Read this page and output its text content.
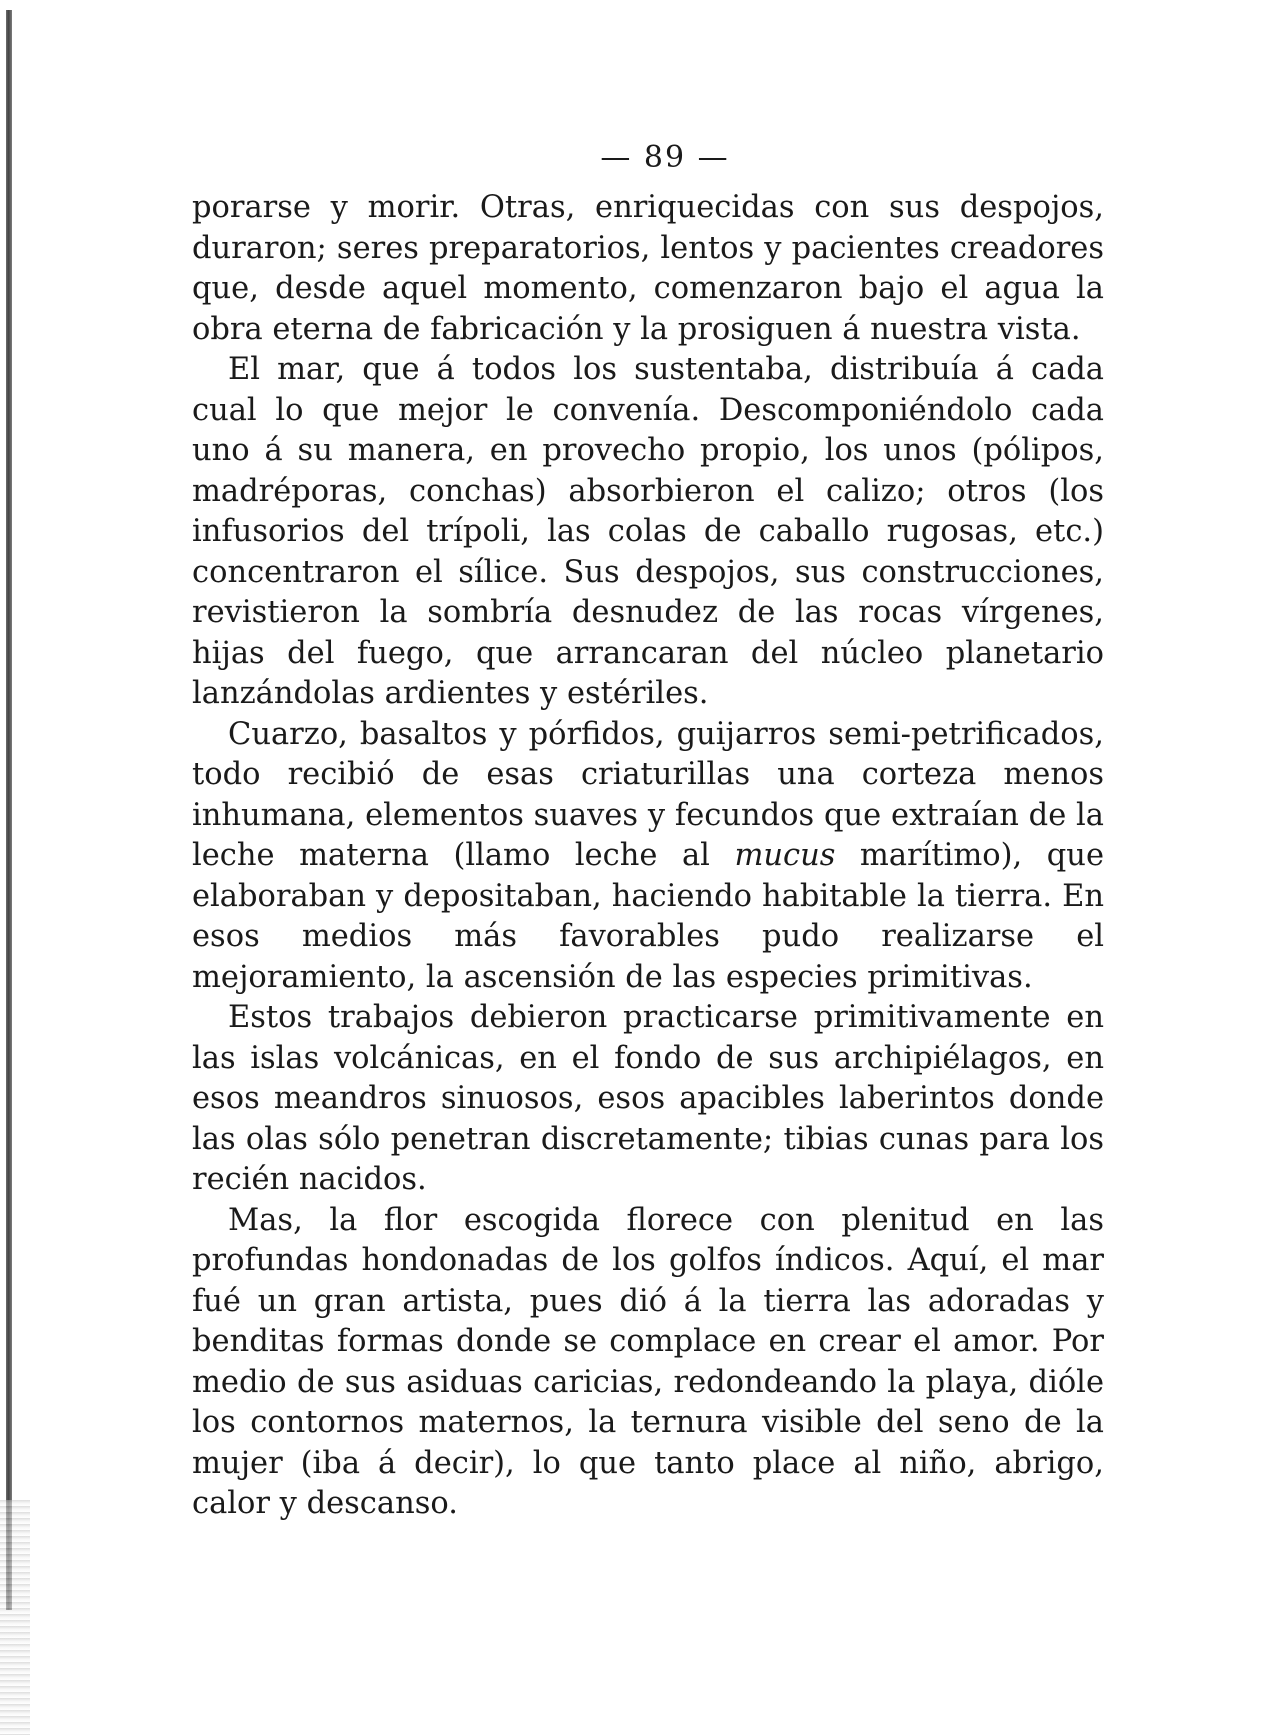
— 89 —

porarse y morir. Otras, enriquecidas con sus despojos, duraron; seres preparatorios, lentos y pacientes creadores que, desde aquel momento, comenzaron bajo el agua la obra eterna de fabricación y la prosiguen á nuestra vista.

El mar, que á todos los sustentaba, distribuía á cada cual lo que mejor le convenía. Descomponiéndolo cada uno á su manera, en provecho propio, los unos (pólipos, madréporas, conchas) absorbieron el calizo; otros (los infusorios del trípoli, las colas de caballo rugosas, etc.) concentraron el sílice. Sus despojos, sus construcciones, revistieron la sombría desnudez de las rocas vírgenes, hijas del fuego, que arrancaran del núcleo planetario lanzándolas ardientes y estériles.

Cuarzo, basaltos y pórfidos, guijarros semi-petrificados, todo recibió de esas criaturillas una corteza menos inhumana, elementos suaves y fecundos que extraían de la leche materna (llamo leche al mucus marítimo), que elaboraban y depositaban, haciendo habitable la tierra. En esos medios más favorables pudo realizarse el mejoramiento, la ascensión de las especies primitivas.

Estos trabajos debieron practicarse primitivamente en las islas volcánicas, en el fondo de sus archipiélagos, en esos meandros sinuosos, esos apacibles laberintos donde las olas sólo penetran discretamente; tibias cunas para los recién nacidos.

Mas, la flor escogida florece con plenitud en las profundas hondonadas de los golfos índicos. Aquí, el mar fué un gran artista, pues dió á la tierra las adoradas y benditas formas donde se complace en crear el amor. Por medio de sus asiduas caricias, redondeando la playa, dióle los contornos maternos, la ternura visible del seno de la mujer (iba á decir), lo que tanto place al niño, abrigo, calor y descanso.
